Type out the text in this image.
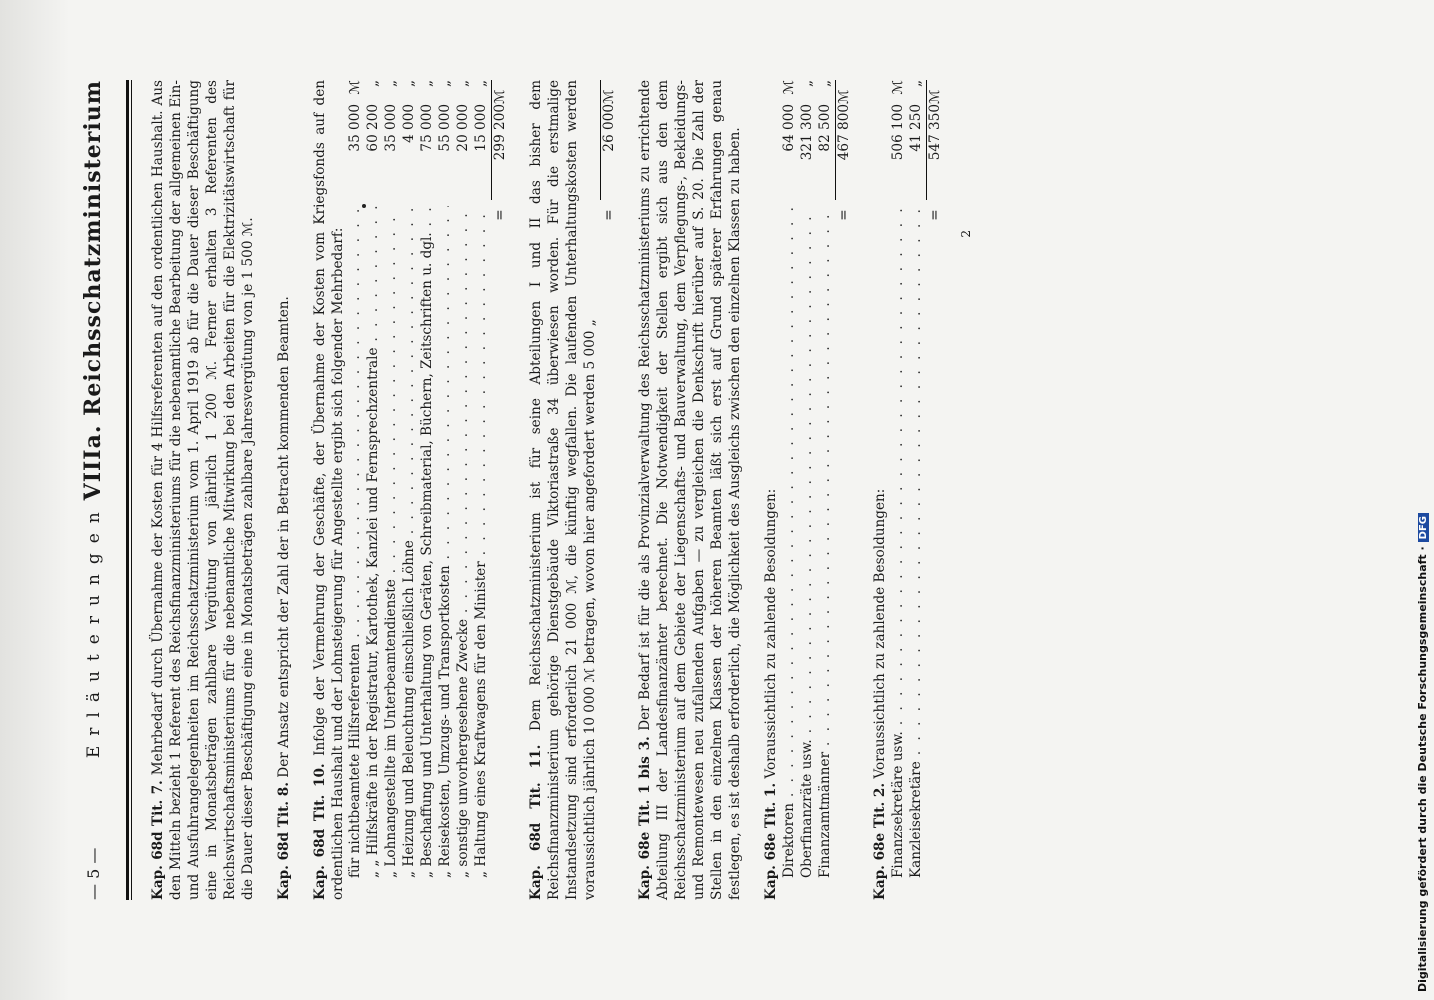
— 5 —
Erläuterungen
VIIIa. Reichsschatzministerium

Kap. 68d Tit. 7. Mehrbedarf durch Übernahme der Kosten für 4 Hilfsreferenten auf den ordentlichen Haushalt. Aus den Mitteln bezieht 1 Referent des Reichsfinanzministeriums für die nebenamtliche Bearbeitung der allgemeinen Ein- und Ausfuhrangelegenheiten im Reichsschatzministerium vom 1. April 1919 ab für die Dauer dieser Beschäftigung eine in Monatsbeträgen zahlbare Vergütung von jährlich 1 200 ℳ. Ferner erhalten 3 Referenten des Reichswirtschaftsministeriums für die nebenamtliche Mitwirkung bei den Arbeiten für die Elektrizitätswirtschaft für die Dauer dieser Beschäftigung eine in Monatsbeträgen zahlbare Jahresvergütung von je 1 500 ℳ. Kap. 68d Tit. 8. Der Ansatz entspricht der Zahl der in Betracht kommenden Beamten.

Kap. 68d Tit. 10. Infolge der Vermehrung der Geschäfte, der Übernahme der Kosten vom Kriegsfonds auf den ordentlichen Haushalt und der Lohnsteigerung für Angestellte ergibt sich folgender Mehrbedarf: für nichtbeamtete Hilfsreferenten
. . .
35 000
ℳ
„ „ Hilfskräfte in der Registratur, Kartothek, Kanzlei und Fernsprechzentrale
. . .
60 200
„
„ Lohnangestellte im Unterbeamtendienste
. . .
35 000
„
„ Heizung und Beleuchtung einschließlich Löhne
. . .
4 000
„
„ Beschaffung und Unterhaltung von Geräten, Schreibmaterial, Büchern, Zeitschriften u. dgl.
. . .
75 000
„
„ Reisekosten, Umzugs- und Transportkosten
. . .
55 000
„
„ sonstige unvorhergesehene Zwecke
. . .
20 000
„
„ Haltung eines Kraftwagens für den Minister
. . .
15 000
„
=
299 200
ℳ

Kap. 68d Tit. 11. Dem Reichsschatzministerium ist für seine Abteilungen I und II das bisher dem Reichsfinanzministerium gehörige Dienstgebäude Viktoriastraße 34 überwiesen worden. Für die erstmalige Instandsetzung sind erforderlich 21 000 ℳ, die künftig wegfallen. Die laufenden Unterhaltungskosten werden voraussichtlich jährlich 10 000 ℳ betragen, wovon hier angefordert werden 5 000 „

=
26 000
ℳ

Kap. 68e Tit. 1 bis 3. Der Bedarf ist für die als Provinzialverwaltung des Reichsschatzministeriums zu errichtende Abteilung III der Landesfinanzämter berechnet. Die Notwendigkeit der Stellen ergibt sich aus den dem Reichsschatzministerium auf dem Gebiete der Liegenschafts- und Bauverwaltung, dem Verpflegungs-, Bekleidungs- und Remontewesen neu zufallenden Aufgaben — zu vergleichen die Denkschrift hierüber auf S. 20. Die Zahl der Stellen in den einzelnen Klassen der höheren Beamten läßt sich erst auf Grund späterer Erfahrungen genau festlegen, es ist deshalb erforderlich, die Möglichkeit des Ausgleichs zwischen den einzelnen Klassen zu haben. Kap. 68e Tit. 1. Voraussichtlich zu zahlende Besoldungen:

Direktoren
. . .
64 000
ℳ
Oberfinanzräte usw.
. . .
321 300
„
Finanzamtmänner
. . .
82 500
„
=
467 800
ℳ

Kap. 68e Tit. 2. Voraussichtlich zu zahlende Besoldungen:

Finanzsekretäre usw.
. . .
506 100
ℳ
Kanzleisekretäre
. . .
41 250
„
=
547 350
ℳ
2
Digitalisierung gefördert durch die Deutsche Forschungsgemeinschaft ·DFG
